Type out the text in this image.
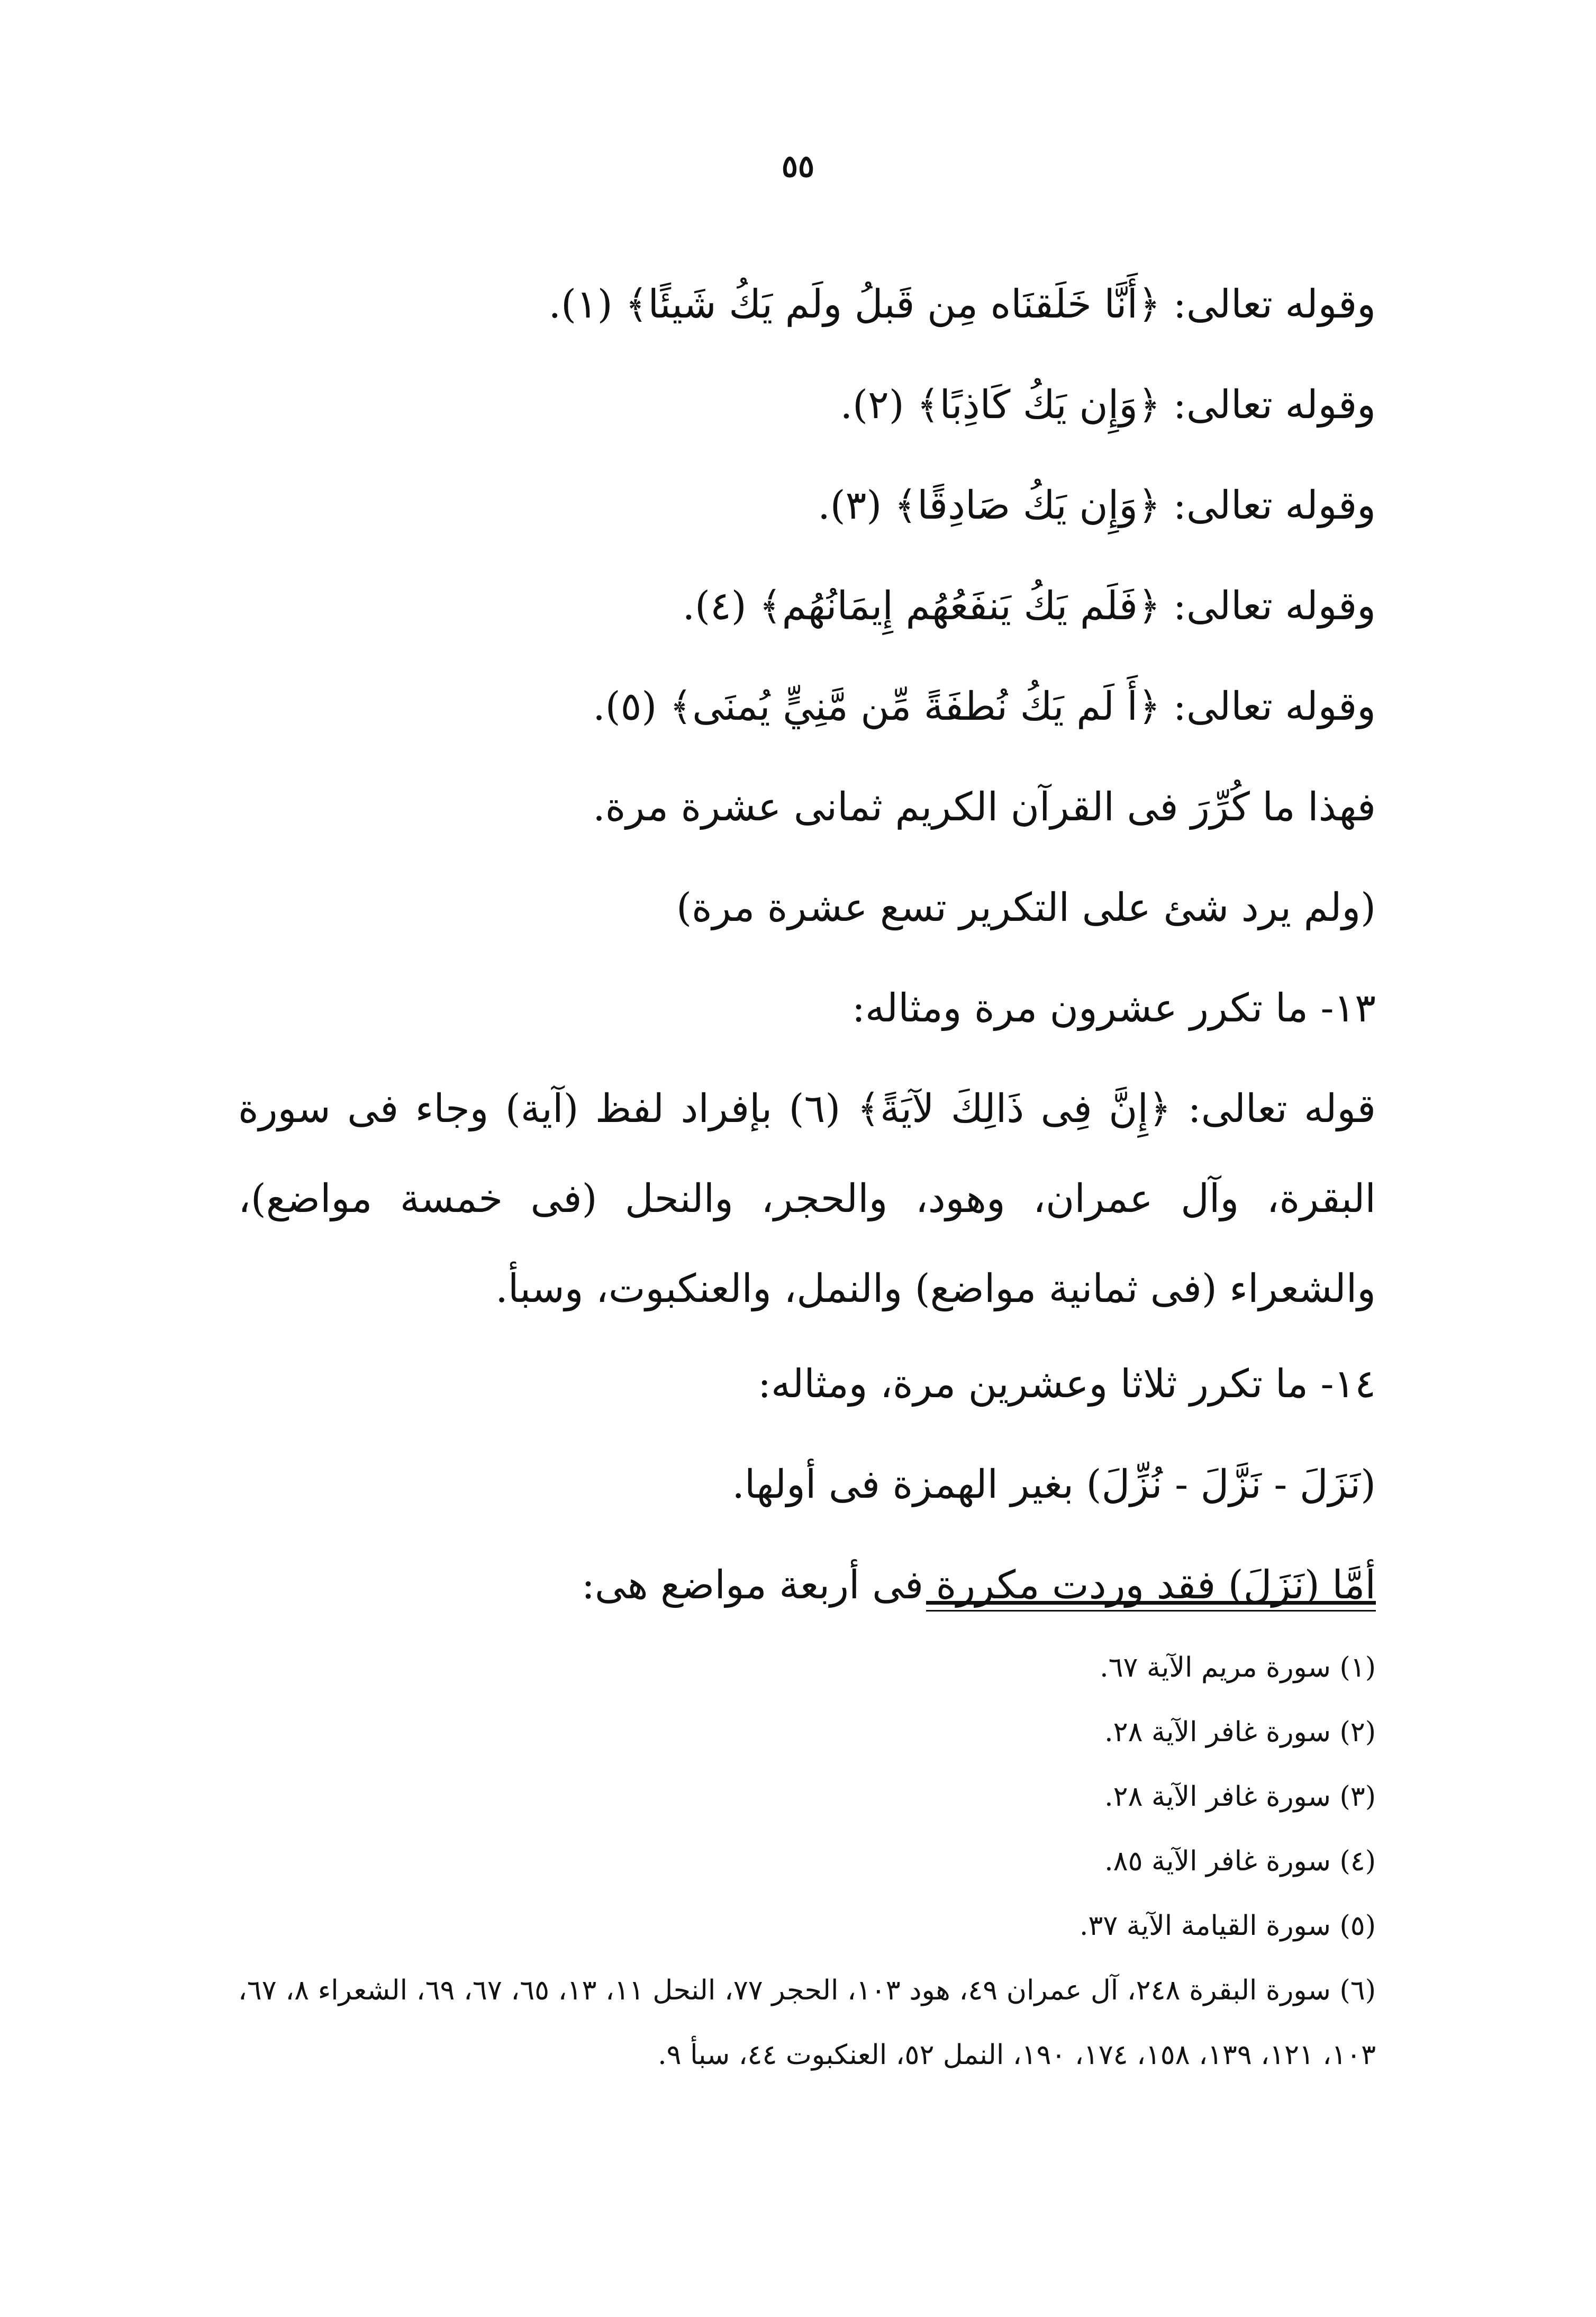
٥٥
وقوله تعالى: ﴿أَنَّا خَلَقنَاه مِن قَبلُ ولَم يَكُ شَيئًا﴾ (١).
وقوله تعالى: ﴿وَإِن يَكُ كَاذِبًا﴾ (٢).
وقوله تعالى: ﴿وَإِن يَكُ صَادِقًا﴾ (٣).
وقوله تعالى: ﴿فَلَم يَكُ يَنفَعُهُم إِيمَانُهُم﴾ (٤).
وقوله تعالى: ﴿أَ لَم يَكُ نُطفَةً مِّن مَّنِيٍّ يُمنَى﴾ (٥).
فهذا ما كُرِّرَ فى القرآن الكريم ثمانى عشرة مرة.
(ولم يرد شئ على التكرير تسع عشرة مرة)
١٣- ما تكرر عشرون مرة ومثاله:
قوله تعالى: ﴿إِنَّ فِى ذَالِكَ لآيَةً﴾ (٦) بإفراد لفظ (آية) وجاء فى سورة البقرة، وآل عمران، وهود، والحجر، والنحل (فى خمسة مواضع)، والشعراء (فى ثمانية مواضع) والنمل، والعنكبوت، وسبأ.
١٤- ما تكرر ثلاثا وعشرين مرة، ومثاله:
(نَزَلَ - نَزَّلَ - نُزِّلَ) بغير الهمزة فى أولها.
أمَّا (نَزَلَ) فقد وردت مكررة فى أربعة مواضع هى:
(١) سورة مريم الآية ٦٧.
(٢) سورة غافر الآية ٢٨.
(٣) سورة غافر الآية ٢٨.
(٤) سورة غافر الآية ٨٥.
(٥) سورة القيامة الآية ٣٧.
(٦) سورة البقرة ٢٤٨، آل عمران ٤٩، هود ١٠٣، الحجر ٧٧، النحل ١١، ١٣، ٦٥، ٦٧، ٦٩، الشعراء ٨، ٦٧، ١٠٣، ١٢١، ١٣٩، ١٥٨، ١٧٤، ١٩٠، النمل ٥٢، العنكبوت ٤٤، سبأ ٩.
